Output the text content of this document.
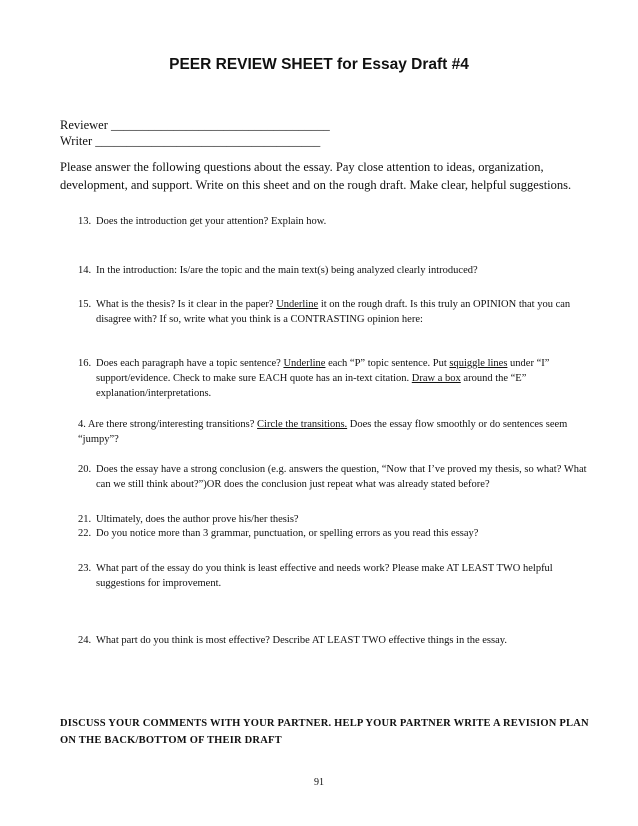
PEER REVIEW SHEET for Essay Draft #4
Reviewer ___________________________________
Writer ____________________________________
Please answer the following questions about the essay. Pay close attention to ideas, organization, development, and support. Write on this sheet and on the rough draft. Make clear, helpful suggestions.
13. Does the introduction get your attention? Explain how.
14. In the introduction: Is/are the topic and the main text(s) being analyzed clearly introduced?
15. What is the thesis? Is it clear in the paper? Underline it on the rough draft. Is this truly an OPINION that you can disagree with? If so, write what you think is a CONTRASTING opinion here:
16. Does each paragraph have a topic sentence? Underline each “P” topic sentence. Put squiggle lines under “I” support/evidence. Check to make sure EACH quote has an in-text citation. Draw a box around the “E” explanation/interpretations.
4. Are there strong/interesting transitions? Circle the transitions. Does the essay flow smoothly or do sentences seem “jumpy”?
20. Does the essay have a strong conclusion (e.g. answers the question, “Now that I’ve proved my thesis, so what? What can we still think about?”)OR does the conclusion just repeat what was already stated before?
21. Ultimately, does the author prove his/her thesis?
22. Do you notice more than 3 grammar, punctuation, or spelling errors as you read this essay?
23. What part of the essay do you think is least effective and needs work? Please make AT LEAST TWO helpful suggestions for improvement.
24. What part do you think is most effective? Describe AT LEAST TWO effective things in the essay.
DISCUSS YOUR COMMENTS WITH YOUR PARTNER. HELP YOUR PARTNER WRITE A REVISION PLAN ON THE BACK/BOTTOM OF THEIR DRAFT
91
